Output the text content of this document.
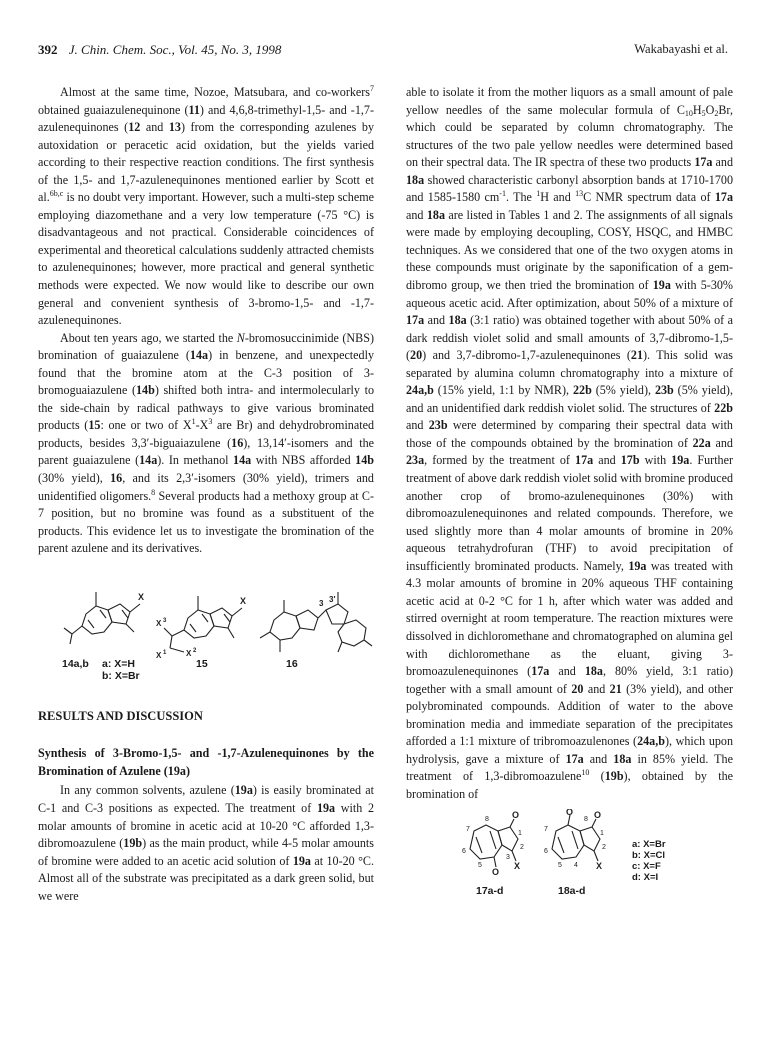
392 J. Chin. Chem. Soc., Vol. 45, No. 3, 1998	Wakabayashi et al.

Almost at the same time, Nozoe, Matsubara, and co-workers$^7$ obtained guaiazulenequinone (11) and 4,6,8-trimethyl-1,5- and -1,7-azulenequinones (12 and 13) from the corresponding azulenes by autoxidation or peracetic acid oxidation, but the yields varied according to their respective reaction conditions. The first synthesis of the 1,5- and 1,7-azulenequinones mentioned earlier by Scott et al.$^{6b,c}$ is no doubt very important. However, such a multi-step scheme employing diazomethane and a very low temperature (-75 °C) is disadvantageous and not practical. Considerable coincidences of experimental and theoretical calculations suddenly attracted chemists to azulenequinones; however, more practical and general synthetic methods were expected. We now would like to describe our own general and convenient synthesis of 3-bromo-1,5- and -1,7-azulenequinones.

About ten years ago, we started the N-bromosuccinimide (NBS) bromination of guaiazulene (14a) in benzene, and unexpectedly found that the bromine atom at the C-3 position of 3-bromoguaiazulene (14b) shifted both intra- and intermolecularly to the side-chain by radical pathways to give various brominated products (15: one or two of $X^1-X^3$ are Br) and dehydrobrominated products, besides 3,3′-biguaiazulene (16), 13,14′-isomers and the parent guaiazulene (14a). In methanol 14a with NBS afforded 14b (30% yield), 16, and its 2,3′-isomers (30% yield), trimers and unidentified oligomers.$^8$ Several products had a methoxy group at C-7 position, but no bromine was found as a substituent of the products. This evidence let us to investigate the bromination of the parent azulene and its derivatives.

X	X
X 3
X 1 X 2
3 3′
14a,b a: X=H
b: X=Br
15	16
RESULTS AND DISCUSSION

Synthesis of 3-Bromo-1,5- and -1,7-Azulenequinones by the Bromination of Azulene (19a)

In any common solvents, azulene (19a) is easily brominated at C-1 and C-3 positions as expected. The treatment of 19a with 2 molar amounts of bromine in acetic acid at 10-20 °C afforded 1,3-dibromoazulene (19b) as the main product, while 4-5 molar amounts of bromine were added to an acetic acid solution of 19a at 10-20 °C. Almost all of the substrate was precipitated as a dark green solid, but we were

able to isolate it from the mother liquors as a small amount of pale yellow needles of the same molecular formula of $C_{10}H_5O_2Br$, which could be separated by column chromatography. The structures of the two pale yellow needles were determined based on their spectral data. The IR spectra of these two products 17a and 18a showed characteristic carbonyl absorption bands at 1710-1700 and 1585-1580 $cm^{-1}$. The $^1$H and $^{13}$C NMR spectrum data of 17a and 18a are listed in Tables 1 and 2. The assignments of all signals were made by employing decoupling, COSY, HSQC, and HMBC techniques. As we considered that one of the two oxygen atoms in these compounds must originate by the saponification of a gem-dibromo group, we then tried the bromination of 19a with 5-30% aqueous acetic acid. After optimization, about 50% of a mixture of 17a and 18a (3:1 ratio) was obtained together with about 50% of a dark reddish violet solid and small amounts of 3,7-dibromo-1,5- (20) and 3,7-dibromo-1,7-azulenequinones (21). This solid was separated by alumina column chromatography into a mixture of 24a,b (15% yield, 1:1 by NMR), 22b (5% yield), 23b (5% yield), and an unidentified dark reddish violet solid. The structures of 22b and 23b were determined by comparing their spectral data with those of the compounds obtained by the bromination of 22a and 23a, formed by the treatment of 17a and 17b with 19a. Further treatment of above dark reddish violet solid with bromine produced another crop of bromo-azulenequinones (30%) with dibromoazulenequinones and related compounds. Therefore, we used slightly more than 4 molar amounts of bromine in 20% aqueous tetrahydrofuran (THF) to avoid precipitation of insufficiently brominated products. Namely, 19a was treated with 4.3 molar amounts of bromine in 20% aqueous THF containing acetic acid at 0-2 °C for 1 h, after which water was added and stirred overnight at room temperature. The reaction mixtures were dissolved in dichloromethane and chromatographed on alumina gel with dichloromethane as the eluant, giving 3-bromoazulenequinones (17a and 18a, 80% yield, 3:1 ratio) together with a small amount of 20 and 21 (3% yield), and other polybrominated compounds. Addition of water to the above bromination media and immediate separation of the precipitates afforded a 1:1 mixture of tribromoazulenones (24a,b), which upon hydrolysis, gave a mixture of 17a and 18a in 85% yield. The treatment of 1,3-dibromoazulene$^{10}$ (19b), obtained by the bromination of

O
O
X
8
7
6
5
1
2
3
O O
X
7
6
5 4
1
2
8
17a-d	18a-d
a: X=Br
b: X=Cl
c: X=F
d: X=I
